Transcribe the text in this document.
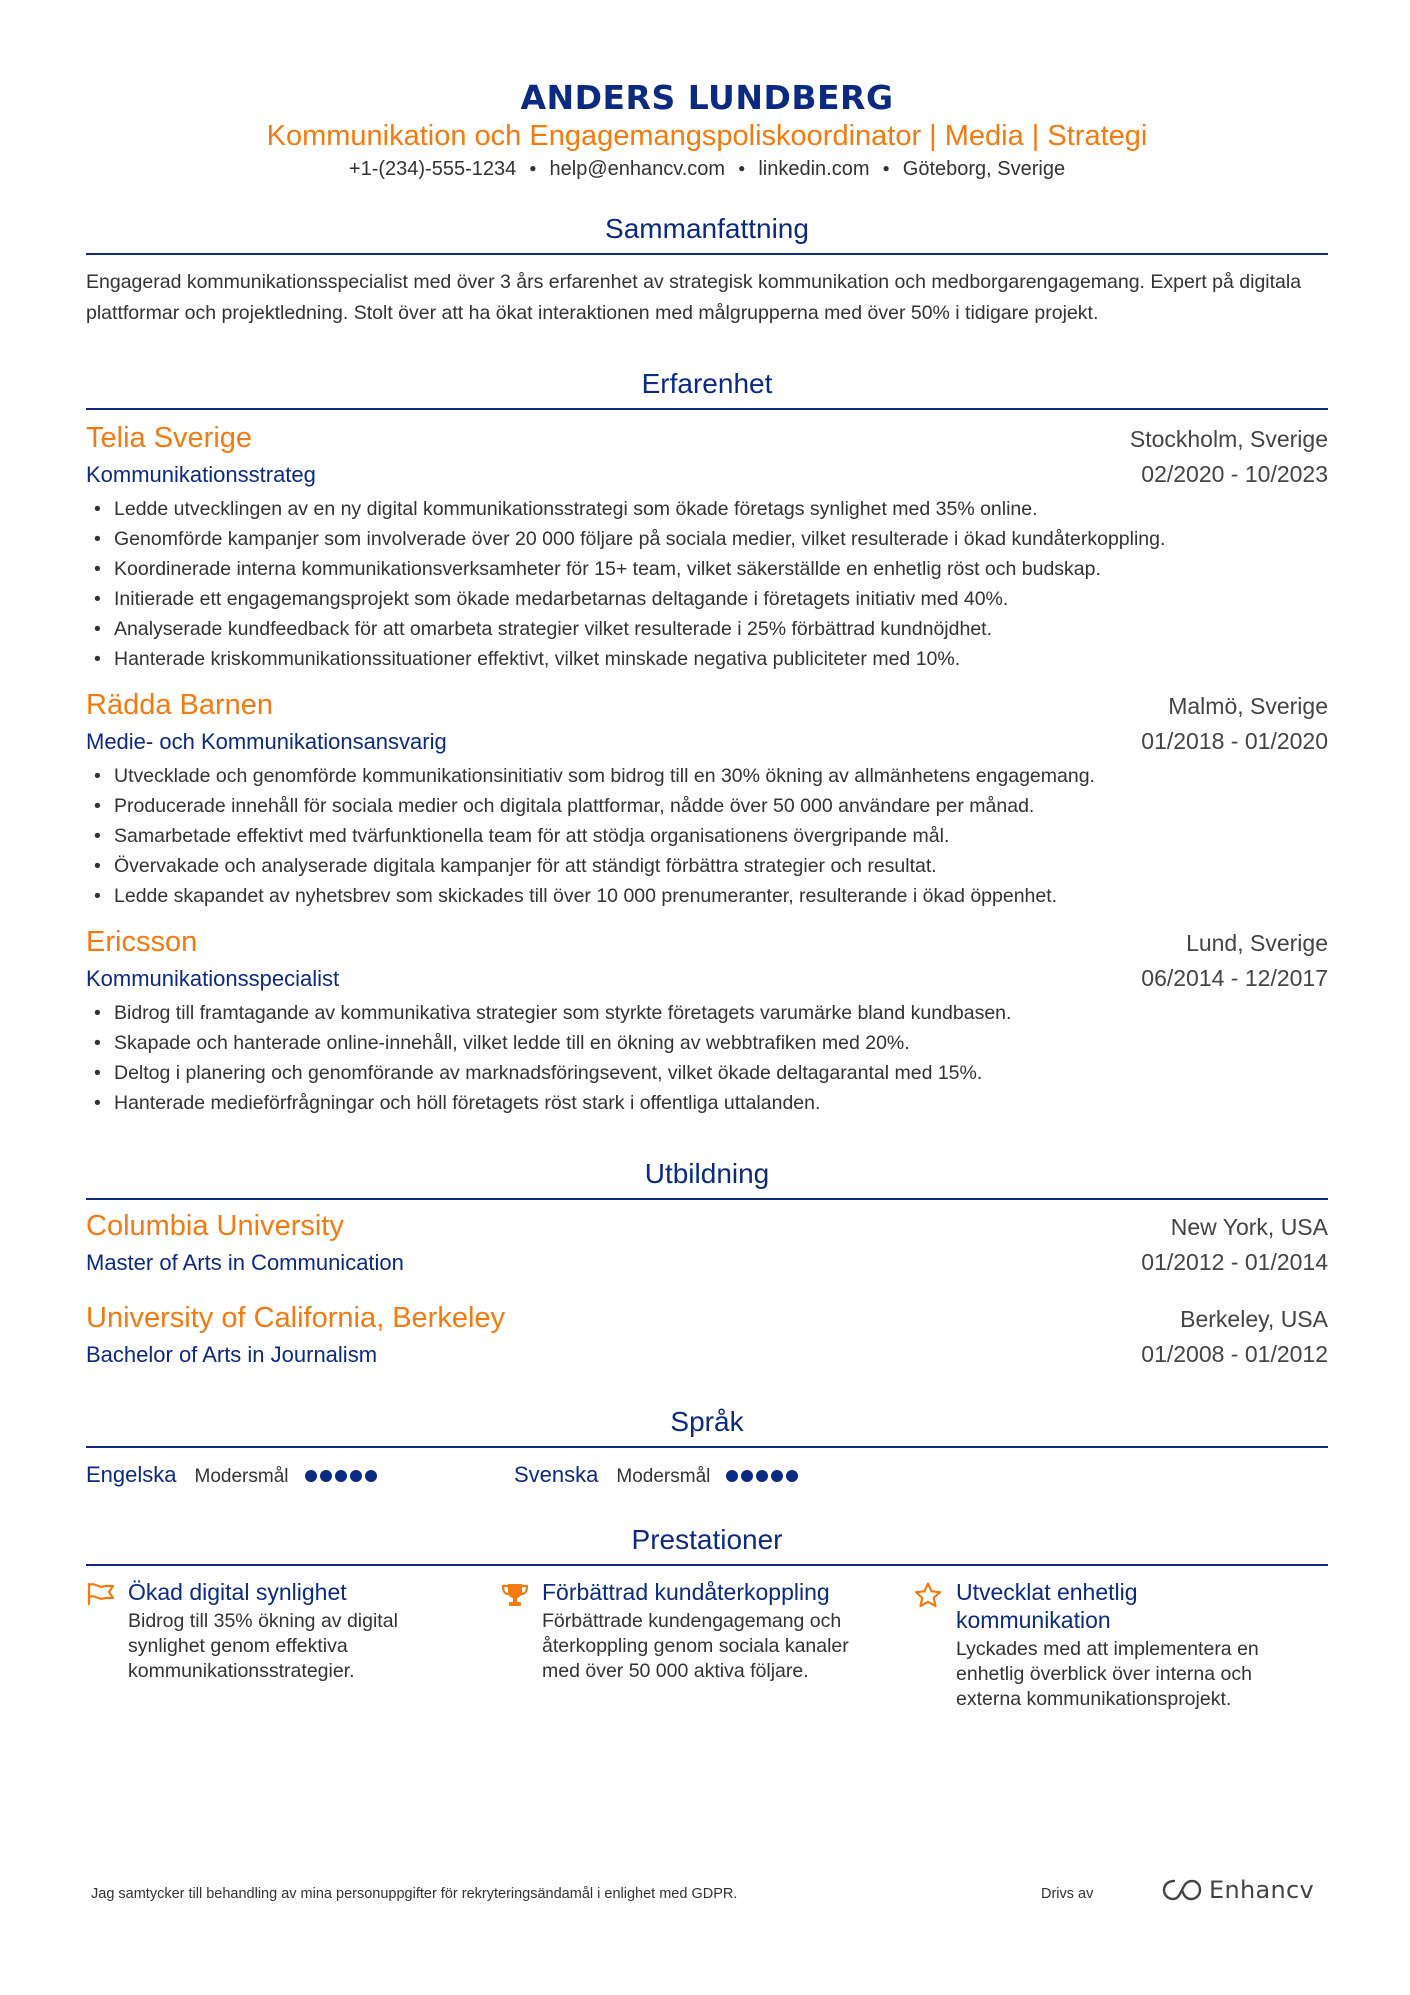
ANDERS LUNDBERG
Kommunikation och Engagemangspoliskoordinator | Media | Strategi
+1-(234)-555-1234 ● help@enhancv.com ● linkedin.com ● Göteborg, Sverige
Sammanfattning
Engagerad kommunikationsspecialist med över 3 års erfarenhet av strategisk kommunikation och medborgarengagemang. Expert på digitala plattformar och projektledning. Stolt över att ha ökat interaktionen med målgrupperna med över 50% i tidigare projekt.
Erfarenhet
Telia Sverige	Stockholm, Sverige
Kommunikationsstrateg	02/2020 - 10/2023
• Ledde utvecklingen av en ny digital kommunikationsstrategi som ökade företags synlighet med 35% online.
• Genomförde kampanjer som involverade över 20 000 följare på sociala medier, vilket resulterade i ökad kundåterkoppling.
• Koordinerade interna kommunikationsverksamheter för 15+ team, vilket säkerställde en enhetlig röst och budskap.
• Initierade ett engagemangsprojekt som ökade medarbetarnas deltagande i företagets initiativ med 40%.
• Analyserade kundfeedback för att omarbeta strategier vilket resulterade i 25% förbättrad kundnöjdhet.
• Hanterade kriskommunikationssituationer effektivt, vilket minskade negativa publiciteter med 10%.
Rädda Barnen	Malmö, Sverige
Medie- och Kommunikationsansvarig	01/2018 - 01/2020
• Utvecklade och genomförde kommunikationsinitiativ som bidrog till en 30% ökning av allmänhetens engagemang.
• Producerade innehåll för sociala medier och digitala plattformar, nådde över 50 000 användare per månad.
• Samarbetade effektivt med tvärfunktionella team för att stödja organisationens övergripande mål.
• Övervakade och analyserade digitala kampanjer för att ständigt förbättra strategier och resultat.
• Ledde skapandet av nyhetsbrev som skickades till över 10 000 prenumeranter, resulterande i ökad öppenhet.
Ericsson	Lund, Sverige
Kommunikationsspecialist	06/2014 - 12/2017
• Bidrog till framtagande av kommunikativa strategier som styrkte företagets varumärke bland kundbasen.
• Skapade och hanterade online-innehåll, vilket ledde till en ökning av webbtrafiken med 20%.
• Deltog i planering och genomförande av marknadsföringsevent, vilket ökade deltagarantal med 15%.
• Hanterade medieförfrågningar och höll företagets röst stark i offentliga uttalanden.
Utbildning
Columbia University	New York, USA
Master of Arts in Communication	01/2012 - 01/2014
University of California, Berkeley	Berkeley, USA
Bachelor of Arts in Journalism	01/2008 - 01/2012
Språk
Engelska Modersmål	Svenska Modersmål
Prestationer
Ökad digital synlighet
Bidrog till 35% ökning av digital synlighet genom effektiva kommunikationsstrategier.
Förbättrad kundåterkoppling
Förbättrade kundengagemang och återkoppling genom sociala kanaler med över 50 000 aktiva följare.
Utvecklat enhetlig kommunikation
Lyckades med att implementera en enhetlig överblick över interna och externa kommunikationsprojekt.
Jag samtycker till behandling av mina personuppgifter för rekryteringsändamål i enlighet med GDPR.	Drivs av	Enhancv
